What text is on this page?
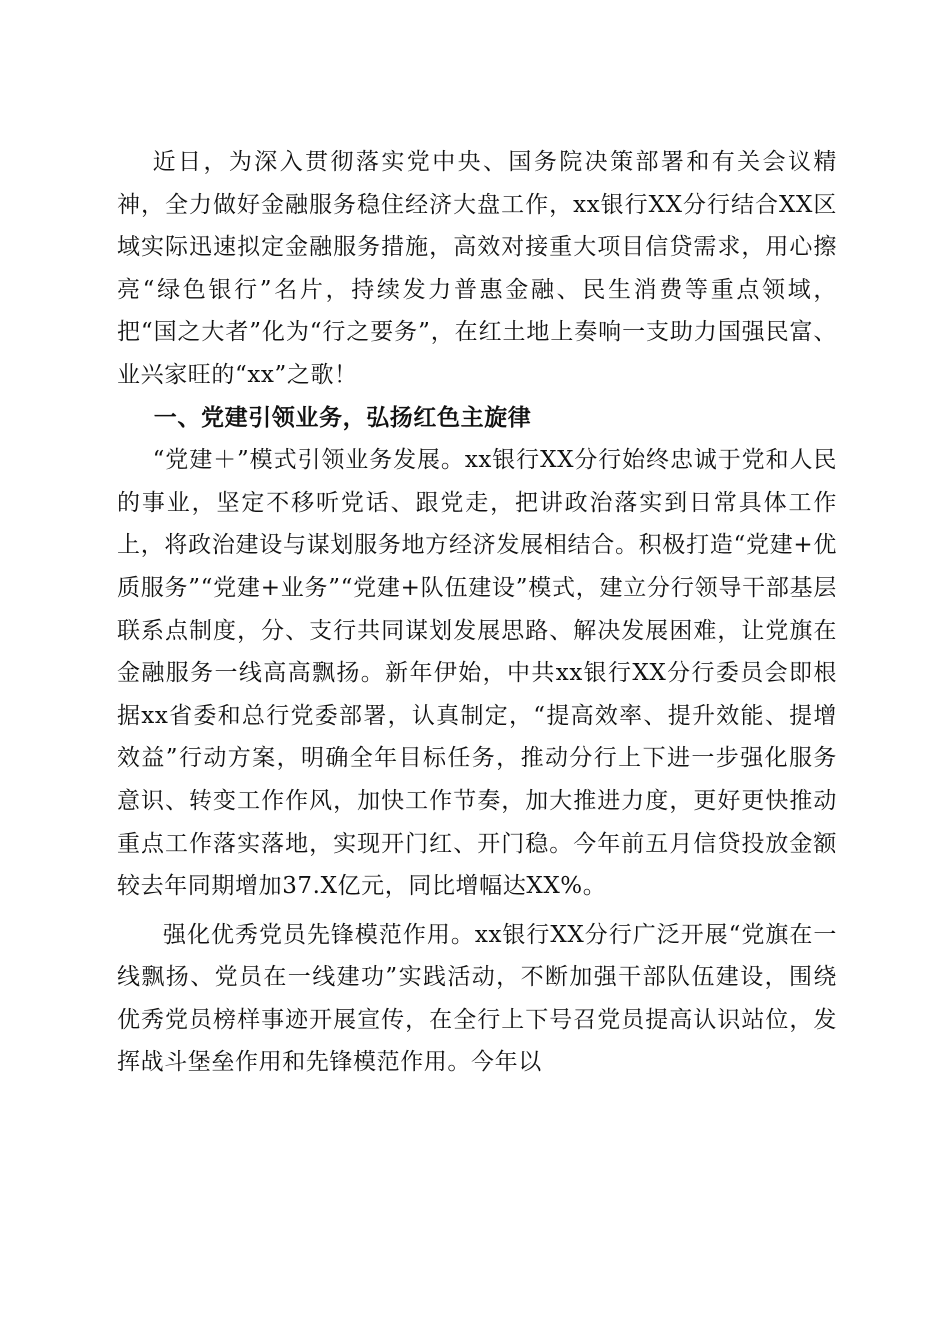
近日，为深入贯彻落实党中央、国务院决策部署和有关会议精神，全力做好金融服务稳住经济大盘工作，xx银行XX分行结合XX区域实际迅速拟定金融服务措施，高效对接重大项目信贷需求，用心擦亮“绿色银行”名片，持续发力普惠金融、民生消费等重点领域，把“国之大者”化为“行之要务”，在红土地上奏响一支助力国强民富、业兴家旺的“xx”之歌！

一、党建引领业务，弘扬红色主旋律

“党建＋”模式引领业务发展。xx银行XX分行始终忠诚于党和人民的事业，坚定不移听党话、跟党走，把讲政治落实到日常具体工作上，将政治建设与谋划服务地方经济发展相结合。积极打造“党建+优质服务”“党建+业务”“党建+队伍建设”模式，建立分行领导干部基层联系点制度，分、支行共同谋划发展思路、解决发展困难，让党旗在金融服务一线高高飘扬。新年伊始，中共xx银行XX分行委员会即根据xx省委和总行党委部署，认真制定，“提高效率、提升效能、提增效益”行动方案，明确全年目标任务，推动分行上下进一步强化服务意识、转变工作作风，加快工作节奏，加大推进力度，更好更快推动重点工作落实落地，实现开门红、开门稳。今年前五月信贷投放金额较去年同期增加37.X亿元，同比增幅达XX%。

强化优秀党员先锋模范作用。xx银行XX分行广泛开展“党旗在一线飘扬、党员在一线建功”实践活动，不断加强干部队伍建设，围绕优秀党员榜样事迹开展宣传，在全行上下号召党员提高认识站位，发挥战斗堡垒作用和先锋模范作用。今年以
